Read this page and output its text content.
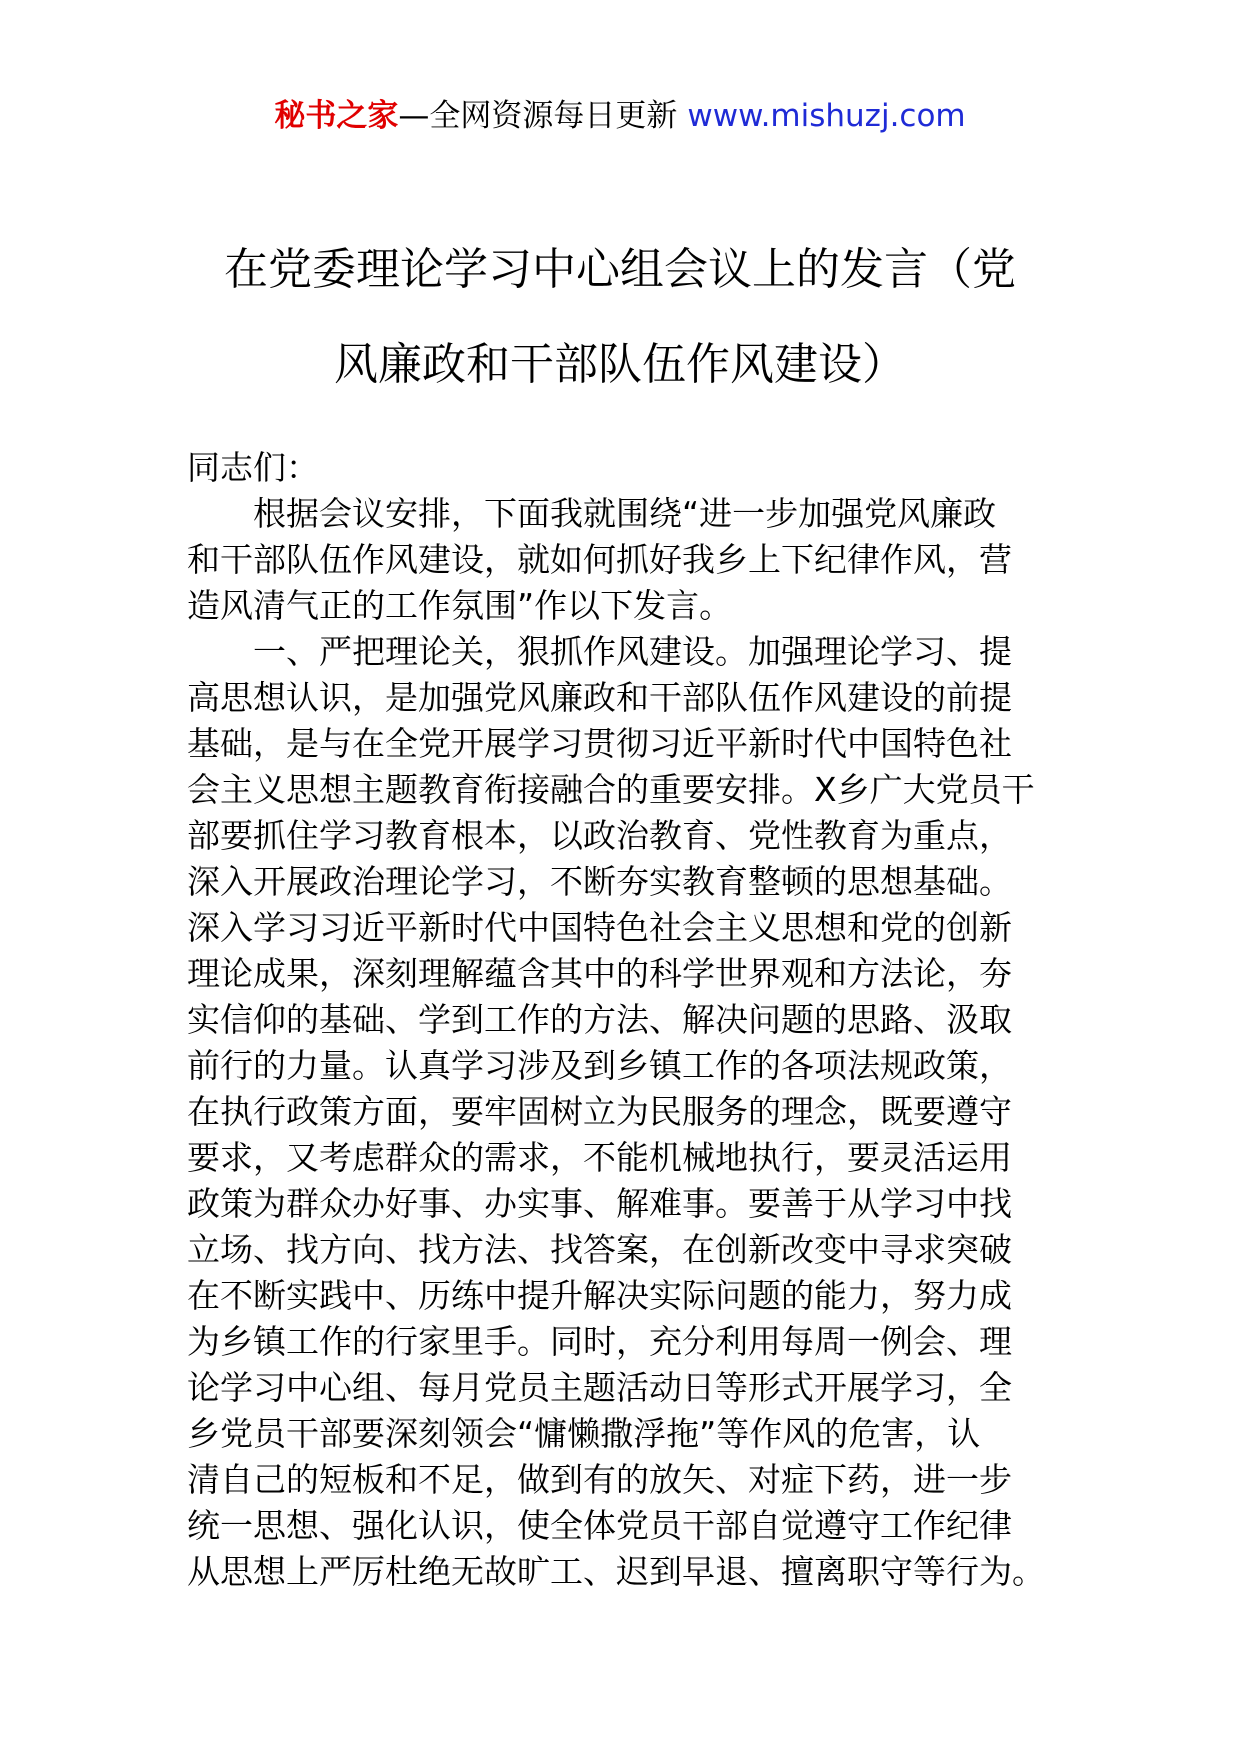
秘书之家—全网资源每日更新 www.mishuzj.com
在党委理论学习中心组会议上的发言（党
风廉政和干部队伍作风建设）

同志们：

根据会议安排，下面我就围绕“进一步加强党风廉政

和干部队伍作风建设，就如何抓好我乡上下纪律作风，营

造风清气正的工作氛围”作以下发言。

一、严把理论关，狠抓作风建设。加强理论学习、提

高思想认识，是加强党风廉政和干部队伍作风建设的前提

基础，是与在全党开展学习贯彻习近平新时代中国特色社

会主义思想主题教育衔接融合的重要安排。X乡广大党员干

部要抓住学习教育根本，以政治教育、党性教育为重点，

深入开展政治理论学习，不断夯实教育整顿的思想基础。

深入学习习近平新时代中国特色社会主义思想和党的创新

理论成果，深刻理解蕴含其中的科学世界观和方法论，夯

实信仰的基础、学到工作的方法、解决问题的思路、汲取

前行的力量。认真学习涉及到乡镇工作的各项法规政策，

在执行政策方面，要牢固树立为民服务的理念，既要遵守

要求，又考虑群众的需求，不能机械地执行，要灵活运用

政策为群众办好事、办实事、解难事。要善于从学习中找

立场、找方向、找方法、找答案，在创新改变中寻求突破

在不断实践中、历练中提升解决实际问题的能力，努力成

为乡镇工作的行家里手。同时，充分利用每周一例会、理

论学习中心组、每月党员主题活动日等形式开展学习，全

乡党员干部要深刻领会“慵懒撒浮拖”等作风的危害，认

清自己的短板和不足，做到有的放矢、对症下药，进一步

统一思想、强化认识，使全体党员干部自觉遵守工作纪律

从思想上严厉杜绝无故旷工、迟到早退、擅离职守等行为。
